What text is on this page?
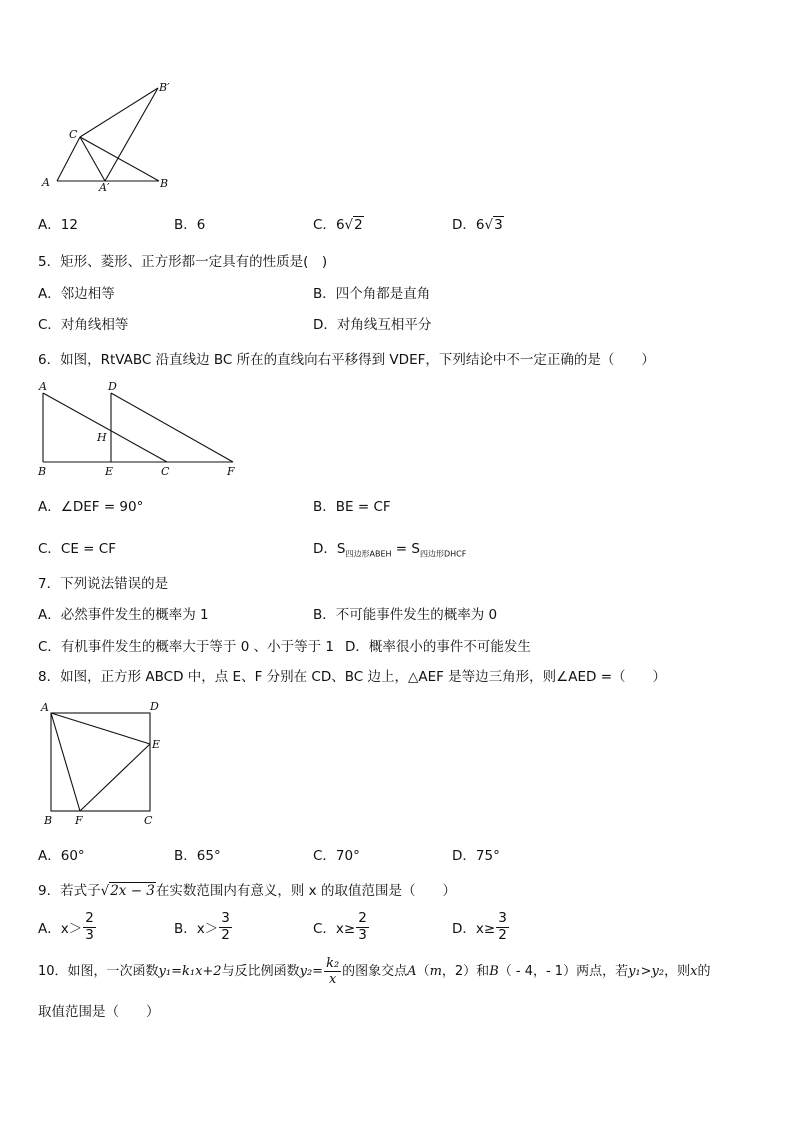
C
B′
A	A′	B
A．12	B．6	C．6√2	D．6√3
5．矩形、菱形、正方形都一定具有的性质是(　)
A．邻边相等	B．四个角都是直角
C．对角线相等	D．对角线互相平分
6．如图，RtVABC 沿直线边 BC 所在的直线向右平移得到 VDEF，下列结论中不一定正确的是（　　）
A	D
H
B	E	C	F
A．∠DEF = 90°	B．BE = CF
C．CE = CF	D．$S_{四边形ABEH} = S_{四边形DHCF}$
7．下列说法错误的是
A．必然事件发生的概率为 1	B．不可能事件发生的概率为 0
C．有机事件发生的概率大于等于 0 、小于等于 1 D．概率很小的事件不可能发生
8．如图，正方形 ABCD 中，点 E、F 分别在 CD、BC 边上，△AEF 是等边三角形，则∠AED =（　　）
A	D
E
B F	C
A．60°	B．65°	C．70°	D．75°
9．若式子√2x − 3在实数范围内有意义，则 x 的取值范围是（　　）
A．$x> \frac{2}{3}$	B．$x> \frac{3}{2}$	C．$x\ge \frac{2}{3}$	D．$x\ge \frac{3}{2}$
10．如图，一次函数y₁=k₁x+2与反比例函数$y_2= \frac{\text{k₂}}{x}$ 的图象交点A（m，2）和B（ - 4，- 1）两点，若y₁>y₂，则x的
取值范围是（　　）
